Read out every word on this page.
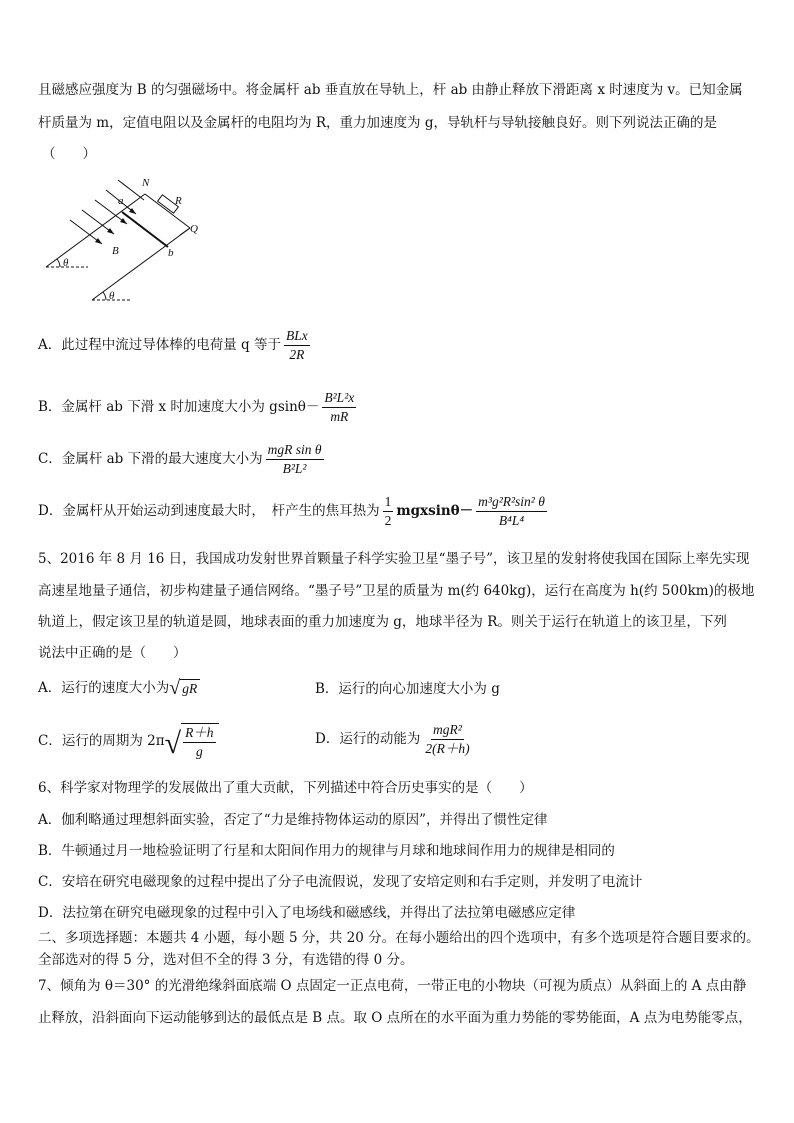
且磁感应强度为 B 的匀强磁场中。将金属杆 ab 垂直放在导轨上，杆 ab 由静止释放下滑距离 x 时速度为 v。已知金属
杆质量为 m，定值电阻以及金属杆的电阻均为 R，重力加速度为 g，导轨杆与导轨接触良好。则下列说法正确的是
（　　）
N
a	R
Q
B	b
θ
θ
A．此过程中流过导体棒的电荷量 q 等于 $\frac{\text{BLx}}{2R}$
B．金属杆 ab 下滑 x 时加速度大小为 $gsin\theta- \frac{\text{B²L²x}}{mR}$
C．金属杆 ab 下滑的最大速度大小为 $\frac{\text{mgR sin θ}}{\text{B²L²}}$
D．金属杆从开始运动到速度最大时，　杆产生的焦耳热为 $\frac{1}{2} mgxsin\theta- \frac{\text{m³g²R²sin² θ}}{\text{B⁴L⁴}}$
5、2016 年 8 月 16 日，我国成功发射世界首颗量子科学实验卫星“墨子号”，该卫星的发射将使我国在国际上率先实现
高速星地量子通信，初步构建量子通信网络。“墨子号”卫星的质量为 m(约 640kg)，运行在高度为 h(约 500km)的极地
轨道上，假定该卫星的轨道是圆，地球表面的重力加速度为 g，地球半径为 R。则关于运行在轨道上的该卫星，下列
说法中正确的是（　　）
A．运行的速度大小为 √ gR	B．运行的向心加速度大小为 g
C．运行的周期为 2π √ $\frac{R+h}{g}$	D．运行的动能为 $\frac{\text{mgR²}}{2(R+h)}$
6、科学家对物理学的发展做出了重大贡献，下列描述中符合历史事实的是（　　）
A．伽利略通过理想斜面实验，否定了“力是维持物体运动的原因”，并得出了惯性定律
B．牛顿通过月一地检验证明了行星和太阳间作用力的规律与月球和地球间作用力的规律是相同的
C．安培在研究电磁现象的过程中提出了分子电流假说，发现了安培定则和右手定则，并发明了电流计
D．法拉第在研究电磁现象的过程中引入了电场线和磁感线，并得出了法拉第电磁感应定律
二、多项选择题：本题共 4 小题，每小题 5 分，共 20 分。在每小题给出的四个选项中，有多个选项是符合题目要求的。
全部选对的得 5 分，选对但不全的得 3 分，有选错的得 0 分。
7、倾角为 θ＝30° 的光滑绝缘斜面底端 O 点固定一正点电荷，一带正电的小物块（可视为质点）从斜面上的 A 点由静
止释放，沿斜面向下运动能够到达的最低点是 B 点。取 O 点所在的水平面为重力势能的零势能面，A 点为电势能零点，
